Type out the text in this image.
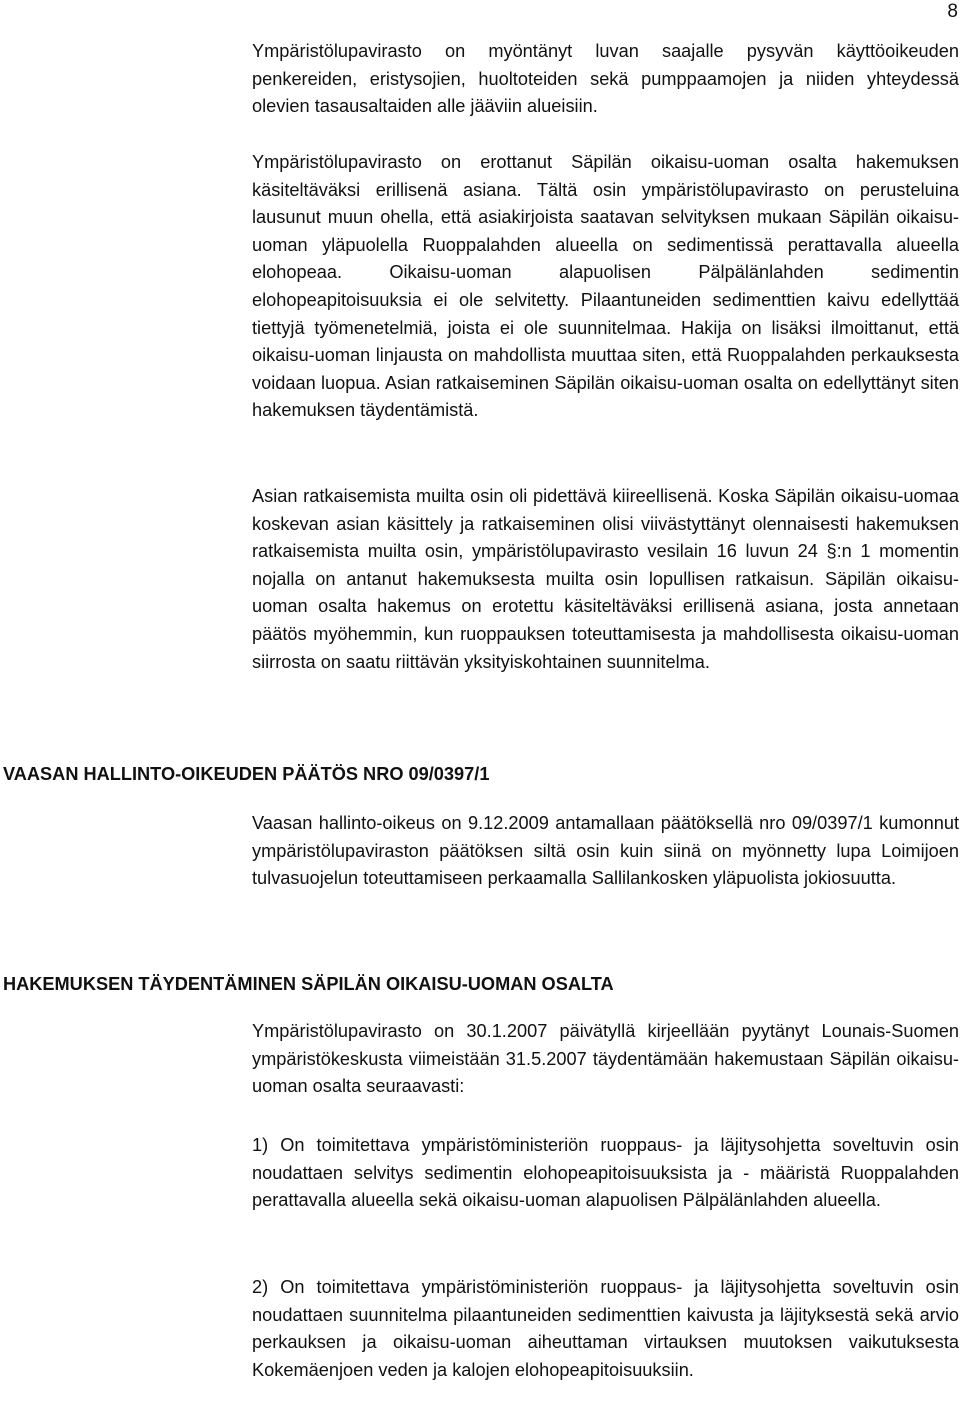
8

Ympäristölupavirasto on myöntänyt luvan saajalle pysyvän käyttöoikeuden penkereiden, eristysojien, huoltoteiden sekä pumppaamojen ja niiden yhteydessä olevien tasausaltaiden alle jääviin alueisiin.

Ympäristölupavirasto on erottanut Säpilän oikaisu-uoman osalta hakemuksen käsiteltäväksi erillisenä asiana. Tältä osin ympäristölupavirasto on perusteluina lausunut muun ohella, että asiakirjoista saatavan selvityksen mukaan Säpilän oikaisu-uoman yläpuolella Ruoppalahden alueella on sedimentissä perattavalla alueella elohopeaa. Oikaisu-uoman alapuolisen Pälpälänlahden sedimentin elohopeapitoisuuksia ei ole selvitetty. Pilaantuneiden sedimenttien kaivu edellyttää tiettyjä työmenetelmiä, joista ei ole suunnitelmaa. Hakija on lisäksi ilmoittanut, että oikaisu-uoman linjausta on mahdollista muuttaa siten, että Ruoppalahden perkauksesta voidaan luopua. Asian ratkaiseminen Säpilän oikaisu-uoman osalta on edellyttänyt siten hakemuksen täydentämistä.

Asian ratkaisemista muilta osin oli pidettävä kiireellisenä. Koska Säpilän oikaisu-uomaa koskevan asian käsittely ja ratkaiseminen olisi viivästyttänyt olennaisesti hakemuksen ratkaisemista muilta osin, ympäristölupavirasto vesilain 16 luvun 24 §:n 1 momentin nojalla on antanut hakemuksesta muilta osin lopullisen ratkaisun. Säpilän oikaisu-uoman osalta hakemus on erotettu käsiteltäväksi erillisenä asiana, josta annetaan päätös myöhemmin, kun ruoppauksen toteuttamisesta ja mahdollisesta oikaisu-uoman siirrosta on saatu riittävän yksityiskohtainen suunnitelma.

VAASAN HALLINTO-OIKEUDEN PÄÄTÖS NRO 09/0397/1

Vaasan hallinto-oikeus on 9.12.2009 antamallaan päätöksellä nro 09/0397/1 kumonnut ympäristölupaviraston päätöksen siltä osin kuin siinä on myönnetty lupa Loimijoen tulvasuojelun toteuttamiseen perkaamalla Sallilankosken yläpuolista jokiosuutta.

HAKEMUKSEN TÄYDENTÄMINEN SÄPILÄN OIKAISU-UOMAN OSALTA

Ympäristölupavirasto on 30.1.2007 päivätyllä kirjeellään pyytänyt Lounais-Suomen ympäristökeskusta viimeistään 31.5.2007 täydentämään hakemustaan Säpilän oikaisu-uoman osalta seuraavasti:

1) On toimitettava ympäristöministeriön ruoppaus- ja läjitysohjetta soveltuvin osin noudattaen selvitys sedimentin elohopeapitoisuuksista ja - määristä Ruoppalahden perattavalla alueella sekä oikaisu-uoman alapuolisen Pälpälänlahden alueella.

2) On toimitettava ympäristöministeriön ruoppaus- ja läjitysohjetta soveltuvin osin noudattaen suunnitelma pilaantuneiden sedimenttien kaivusta ja läjityksestä sekä arvio perkauksen ja oikaisu-uoman aiheuttaman virtauksen muutoksen vaikutuksesta Kokemäenjoen veden ja kalojen elohopeapitoisuuksiin.
